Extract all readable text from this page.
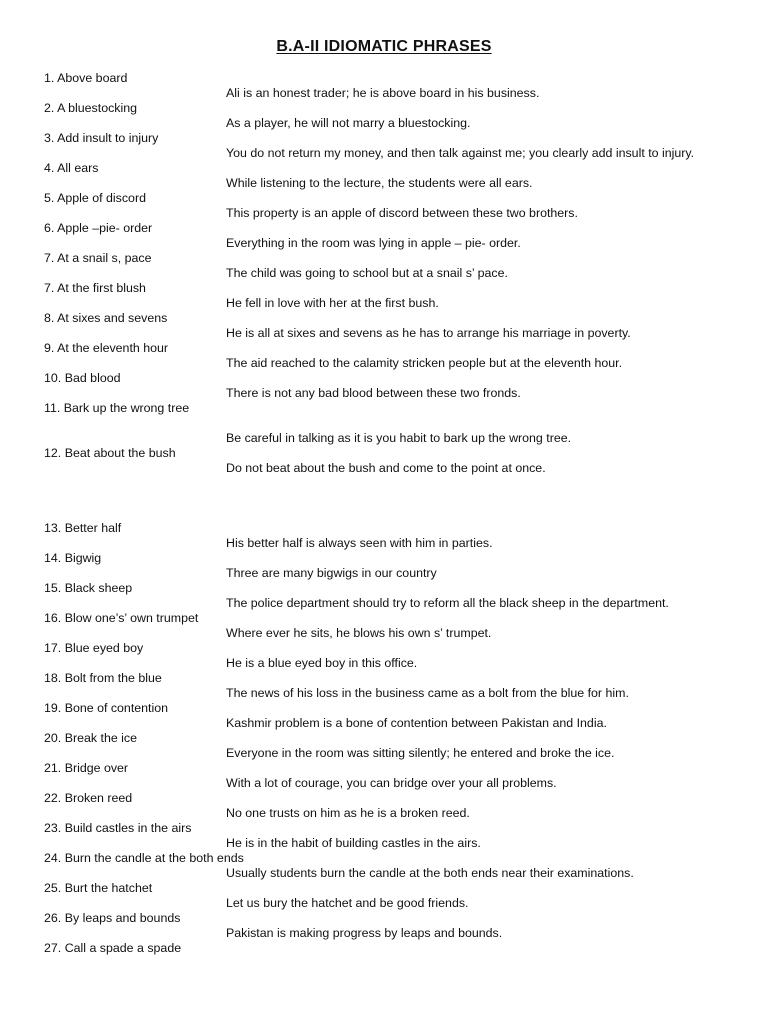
B.A-II IDIOMATIC PHRASES
1. Above board
Ali is an honest trader; he is above board in his business.
2. A bluestocking
As a player, he will not marry a bluestocking.
3. Add insult to injury
You do not return my money, and then talk against me; you clearly add insult to injury.
4. All ears
While listening to the lecture, the students were all ears.
5. Apple of discord
This property is an apple of discord between these two brothers.
6. Apple –pie- order
Everything in the room was lying in apple – pie- order.
7. At a snail s, pace
The child was going to school but at a snail s’ pace.
7. At the first blush
He fell in love with her at the first bush.
8. At sixes and sevens
He is all at sixes and sevens as he has to arrange his marriage in poverty.
9. At the eleventh hour
The aid reached to the calamity stricken people but at the eleventh hour.
10. Bad blood
There is not any bad blood between these two fronds.
11. Bark up the wrong tree
Be careful in talking as it is you habit to bark up the wrong tree.
12. Beat about the bush
Do not beat about the bush and come to the point at once.
13. Better half
His better half is always seen with him in parties.
14. Bigwig
Three are many bigwigs in our country
15. Black sheep
The police department should try to reform all the black sheep in the department.
16. Blow one’s’ own trumpet
Where ever he sits, he blows his own s’ trumpet.
17. Blue eyed boy
He is a blue eyed boy in this office.
18. Bolt from the blue
The news of his loss in the business came as a bolt from the blue for him.
19. Bone of contention
Kashmir problem is a bone of contention between Pakistan and India.
20. Break the ice
Everyone in the room was sitting silently; he entered and broke the ice.
21. Bridge over
With a lot of courage, you can bridge over your all problems.
22. Broken reed
No one trusts on him as he is a broken reed.
23. Build castles in the airs
He is in the habit of building castles in the airs.
24. Burn the candle at the both ends
Usually students burn the candle at the both ends near their examinations.
25. Burt the hatchet
Let us bury the hatchet and be good friends.
26. By leaps and bounds
Pakistan is making progress by leaps and bounds.
27. Call a spade a spade
